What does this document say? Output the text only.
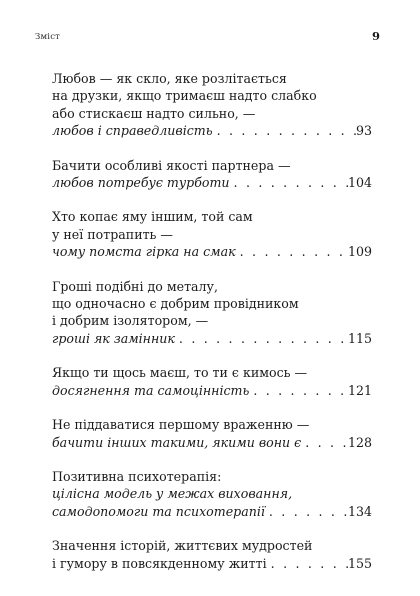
Зміст	9
Любов — як скло, яке розлітається
на друзки, якщо тримаєш надто слабко
або стискаєш надто сильно, —
любов і справедливість . . .	93
Бачити особливі якості партнера —
любов потребує турботи . . .	104
Хто копає яму іншим, той сам
у неї потрапить —
чому помста гірка на смак . . .	109
Гроші подібні до металу,
що одночасно є добрим провідником
і добрим ізолятором, —
гроші як замінник . . .	115
Якщо ти щось маєш, то ти є кимось —
досягнення та самоцінність . . .	121
Не піддаватися першому враженню —
бачити інших такими, якими вони є . . .	128
Позитивна психотерапія:
цілісна модель у межах виховання,
самодопомоги та психотерапії . . .	134
Значення історій, життєвих мудростей
і гумору в повсякденному житті . . .	155
